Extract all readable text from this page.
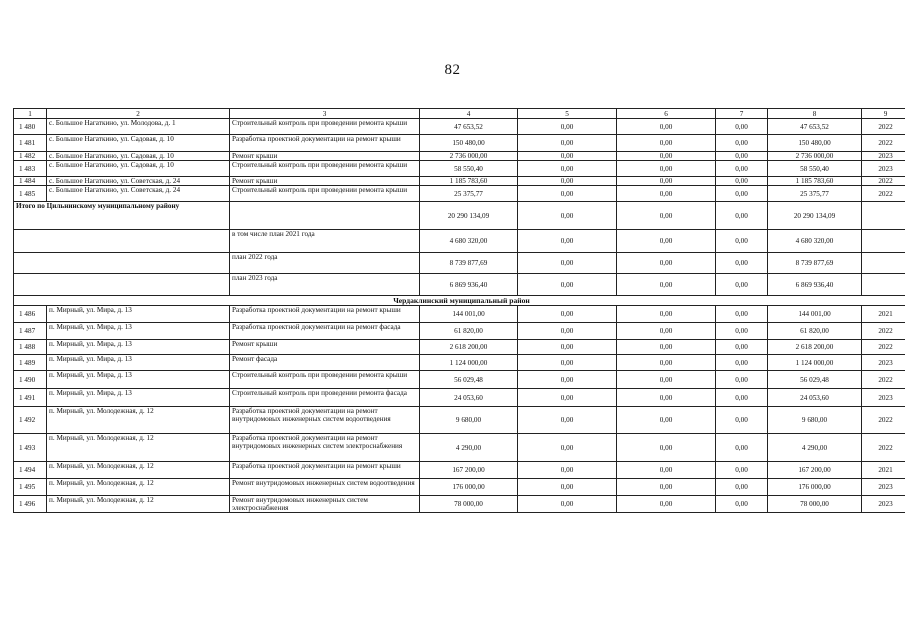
82
1	2	3	4	5	6	7	8	9
1 480	с. Большое Нагаткино, ул. Молодова, д. 1	Строительный контроль при проведении ремонта крыши	47 653,52	0,00	0,00	0,00	47 653,52	2022
1 481	с. Большое Нагаткино, ул. Садовая, д. 10	Разработка проектной документации на ремонт крыши	150 480,00	0,00	0,00	0,00	150 480,00	2022
1 482	с. Большое Нагаткино, ул. Садовая, д. 10	Ремонт крыши	2 736 000,00	0,00	0,00	0,00	2 736 000,00	2023
1 483	с. Большое Нагаткино, ул. Садовая, д. 10	Строительный контроль при проведении ремонта крыши	58 550,40	0,00	0,00	0,00	58 550,40	2023
1 484	с. Большое Нагаткино, ул. Советская, д. 24	Ремонт крыши	1 185 783,60	0,00	0,00	0,00	1 185 783,60	2022
1 485	с. Большое Нагаткино, ул. Советская, д. 24	Строительный контроль при проведении ремонта крыши	25 375,77	0,00	0,00	0,00	25 375,77	2022
Итого по Цильнинскому муниципальному району			20 290 134,09	0,00	0,00	0,00	20 290 134,09	
		в том числе план 2021 года	4 680 320,00	0,00	0,00	0,00	4 680 320,00	
		план 2022 года	8 739 877,69	0,00	0,00	0,00	8 739 877,69	
		план 2023 года	6 869 936,40	0,00	0,00	0,00	6 869 936,40	
Чердаклинский муниципальный район								
1 486	п. Мирный, ул. Мира, д. 13	Разработка проектной документации на ремонт крыши	144 001,00	0,00	0,00	0,00	144 001,00	2021
1 487	п. Мирный, ул. Мира, д. 13	Разработка проектной документации на ремонт фасада	61 820,00	0,00	0,00	0,00	61 820,00	2022
1 488	п. Мирный, ул. Мира, д. 13	Ремонт крыши	2 618 200,00	0,00	0,00	0,00	2 618 200,00	2022
1 489	п. Мирный, ул. Мира, д. 13	Ремонт фасада	1 124 000,00	0,00	0,00	0,00	1 124 000,00	2023
1 490	п. Мирный, ул. Мира, д. 13	Строительный контроль при проведении ремонта крыши	56 029,48	0,00	0,00	0,00	56 029,48	2022
1 491	п. Мирный, ул. Мира, д. 13	Строительный контроль при проведении ремонта фасада	24 053,60	0,00	0,00	0,00	24 053,60	2023
1 492	п. Мирный, ул. Молодежная, д. 12	Разработка проектной документации на ремонт внутридомовых инженерных систем водоотведения	9 680,00	0,00	0,00	0,00	9 680,00	2022
1 493	п. Мирный, ул. Молодежная, д. 12	Разработка проектной документации на ремонт внутридомовых инженерных систем электроснабжения	4 290,00	0,00	0,00	0,00	4 290,00	2022
1 494	п. Мирный, ул. Молодежная, д. 12	Разработка проектной документации на ремонт крыши	167 200,00	0,00	0,00	0,00	167 200,00	2021
1 495	п. Мирный, ул. Молодежная, д. 12	Ремонт внутридомовых инженерных систем водоотведения	176 000,00	0,00	0,00	0,00	176 000,00	2023
1 496	п. Мирный, ул. Молодежная, д. 12	Ремонт внутридомовых инженерных систем электроснабжения	78 000,00	0,00	0,00	0,00	78 000,00	2023
